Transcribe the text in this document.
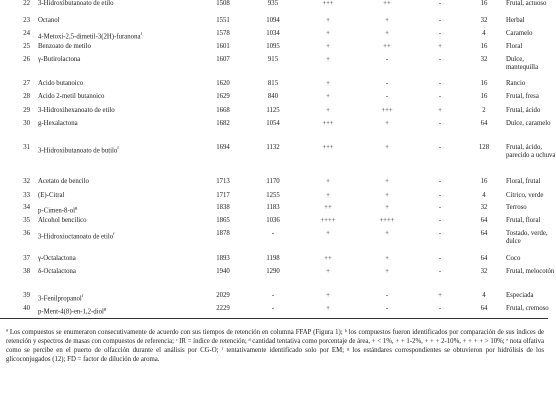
22	3-Hidroxibutanoato de etilo	1508	935	+++	++	-	16	Frutal, actuoso
23	Octanol	1551	1094	+	+	-	32	Herbal
24	4-Metoxi-2,5-dimetil-3(2H)-furanona$^f$	1578	1034	+	+	-	4	Caramelo
25	Benzoato de metilo	1601	1095	+	++	+	16	Floral
26	γ-Butirolactona	1607	915	+	-	-	32	Dulce, mantequilla
27	Acido butanoico	1620	815	+	-	-	16	Rancio
28	Acido 2-metil butanoico	1629	840	+	-	-	16	Frutal, fresa
29	3-Hidroxihexanoato de etilo	1668	1125	+	+++	+	2	Frutal, ácido
30	g-Hexalactona	1682	1054	+++	+	-	64	Dulce, caramelo
31	3-Hidroxibutanoato de butilo$^f$	1694	1132	+++	+	-	128	Frutal, ácido, parecido a uchuva
32	Acetato de bencilo	1713	1170	+	+	-	16	Floral, frutal
33	(E)-Citral	1717	1255	+	+	-	4	Cítrico, verde
34	$p-Cimen-8-ol^g$	1838	1183	++	+	-	32	Terroso
35	Alcohol bencílico	1865	1036	++++	++++	-	64	Frutal, floral
36	3-Hidroxioctanoato de etilo$^f$	1878	-	+	+	-	64	Tostado, verde, dulce
37	γ-Octalactona	1893	1198	++	+	-	64	Coco
38	δ-Octalactona	1940	1290	+	+	-	32	Frutal, melocotón
39	3-Fenilpropanol$^f$	2029	-	+	-	+	4	Especiada
40	p-Ment-4(8)-en-1,2-diol$^g$	2229	-	+	-	-	64	Frutal, cremoso
ª Los compuestos se enumeraron consecutivamente de acuerdo con sus tiempos de retención en columna FFAP (Figura 1); ᵇ los compuestos fueron identificados por comparación de sus índices de retención y espectros de masas con compuestos de referencia; ᶜ IR = índice de retención; ᵈ cantidad tentativa como porcentaje de área, + < 1%, + + 1-2%, + + + 2-10%, + + + + > 10%; ᵉ nota olfativa como se percibe en el puerto de olfacción durante el análisis por CG-O; ᶠ tentativamente identificado solo por EM; ᵍ los estándares correspondientes se obtuvieron por hidrólisis de los glicoconjugados (12); FD = factor de dilución de aroma.
